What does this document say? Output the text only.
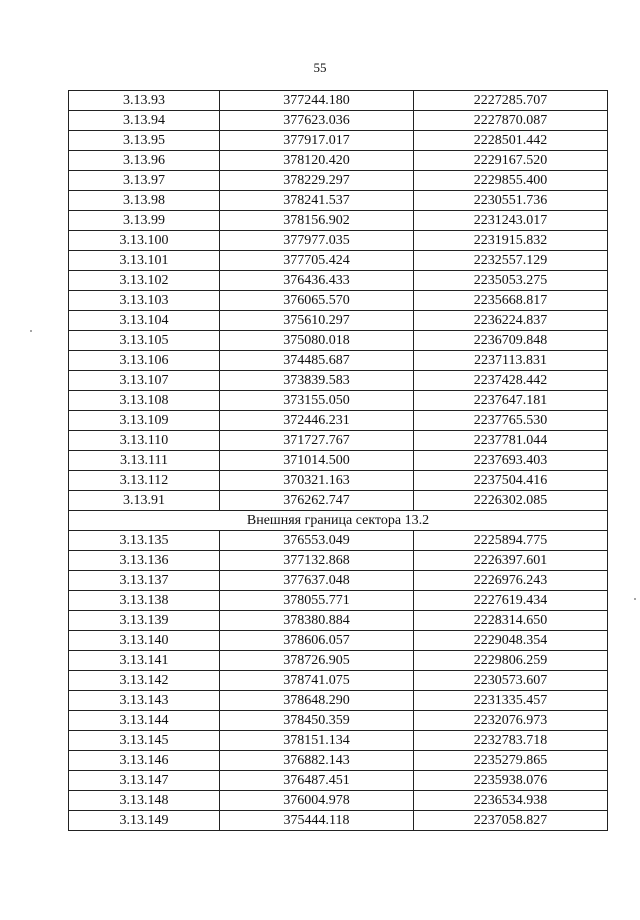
55
3.13.93	377244.180	2227285.707
3.13.94	377623.036	2227870.087
3.13.95	377917.017	2228501.442
3.13.96	378120.420	2229167.520
3.13.97	378229.297	2229855.400
3.13.98	378241.537	2230551.736
3.13.99	378156.902	2231243.017
3.13.100	377977.035	2231915.832
3.13.101	377705.424	2232557.129
3.13.102	376436.433	2235053.275
3.13.103	376065.570	2235668.817
3.13.104	375610.297	2236224.837
3.13.105	375080.018	2236709.848
3.13.106	374485.687	2237113.831
3.13.107	373839.583	2237428.442
3.13.108	373155.050	2237647.181
3.13.109	372446.231	2237765.530
3.13.110	371727.767	2237781.044
3.13.111	371014.500	2237693.403
3.13.112	370321.163	2237504.416
3.13.91	376262.747	2226302.085
Внешняя граница сектора 13.2		
3.13.135	376553.049	2225894.775
3.13.136	377132.868	2226397.601
3.13.137	377637.048	2226976.243
3.13.138	378055.771	2227619.434
3.13.139	378380.884	2228314.650
3.13.140	378606.057	2229048.354
3.13.141	378726.905	2229806.259
3.13.142	378741.075	2230573.607
3.13.143	378648.290	2231335.457
3.13.144	378450.359	2232076.973
3.13.145	378151.134	2232783.718
3.13.146	376882.143	2235279.865
3.13.147	376487.451	2235938.076
3.13.148	376004.978	2236534.938
3.13.149	375444.118	2237058.827
